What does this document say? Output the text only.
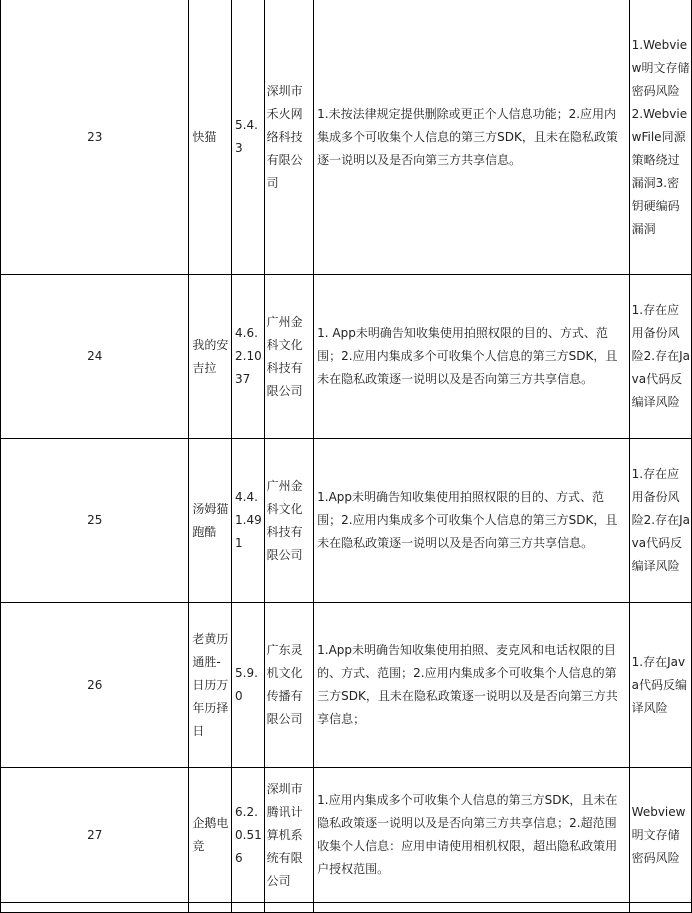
23	快猫	5.4.3	深圳市禾火网络科技有限公司	1.未按法律规定提供删除或更正个人信息功能；2.应用内集成多个可收集个人信息的第三方SDK，且未在隐私政策逐一说明以及是否向第三方共享信息。	1.Webview明文存储密码风险2.WebviewFile同源策略绕过漏洞3.密钥硬编码漏洞

24	我的安吉拉	4.6.2.1037	广州金科文化科技有限公司	1. App未明确告知收集使用拍照权限的目的、方式、范围；2.应用内集成多个可收集个人信息的第三方SDK，且未在隐私政策逐一说明以及是否向第三方共享信息。	1.存在应用备份风险2.存在Java代码反编译风险

25	汤姆猫跑酷	4.4.1.491	广州金科文化科技有限公司	1.App未明确告知收集使用拍照权限的目的、方式、范围；2.应用内集成多个可收集个人信息的第三方SDK，且未在隐私政策逐一说明以及是否向第三方共享信息。	1.存在应用备份风险2.存在Java代码反编译风险

26	老黄历通胜-日历万年历择日	5.9.0	广东灵机文化传播有限公司	1.App未明确告知收集使用拍照、麦克风和电话权限的目的、方式、范围；2.应用内集成多个可收集个人信息的第三方SDK，且未在隐私政策逐一说明以及是否向第三方共享信息；	1.存在Java代码反编译风险

27	企鹅电竞	6.2.0.516	深圳市腾讯计算机系统有限公司	1.应用内集成多个可收集个人信息的第三方SDK，且未在隐私政策逐一说明以及是否向第三方共享信息；2.超范围收集个人信息：应用申请使用相机权限，超出隐私政策用户授权范围。	Webview明文存储密码风险
